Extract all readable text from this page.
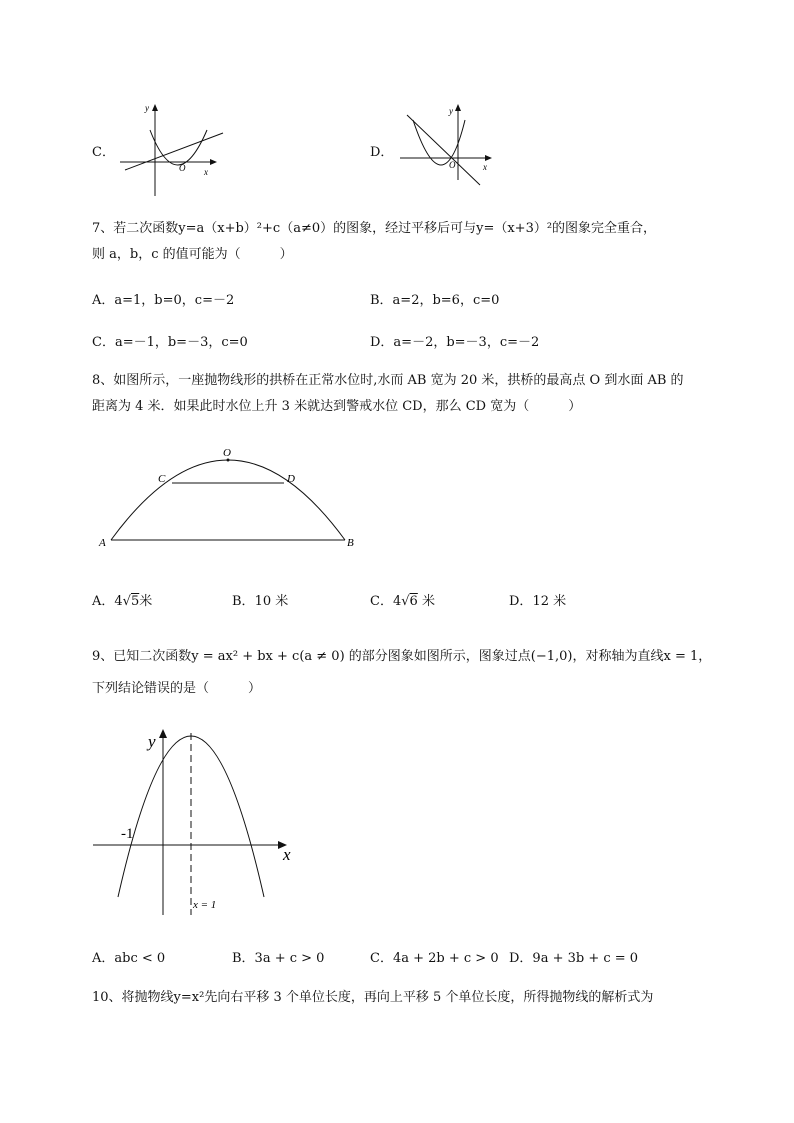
C．
y
x
O
D．
y
x
O
7、若二次函数y=a（x+b）²+c（a≠0）的图象，经过平移后可与y=（x+3）²的图象完全重合，
则 a，b，c 的值可能为（　　　）
A．a=1，b=0，c=－2	B．a=2，b=6，c=0
C．a=－1，b=－3，c=0	D．a=－2，b=－3，c=－2
8、如图所示，一座抛物线形的拱桥在正常水位时,水而 AB 宽为 20 米，拱桥的最高点 O 到水面 AB 的
距离为 4 米．如果此时水位上升 3 米就达到警戒水位 CD，那么 CD 宽为（　　　）
O
C	D
A	B
A．4√5米	B．10 米	C．4√6 米	D．12 米
9、已知二次函数y = ax² + bx + c(a ≠ 0) 的部分图象如图所示，图象过点(−1,0)，对称轴为直线x = 1，
下列结论错误的是（　　　）
y
x
-1
x = 1
A．abc < 0	B．3a + c > 0	C．4a + 2b + c > 0 D．9a + 3b + c = 0
10、将抛物线y=x²先向右平移 3 个单位长度，再向上平移 5 个单位长度，所得抛物线的解析式为
